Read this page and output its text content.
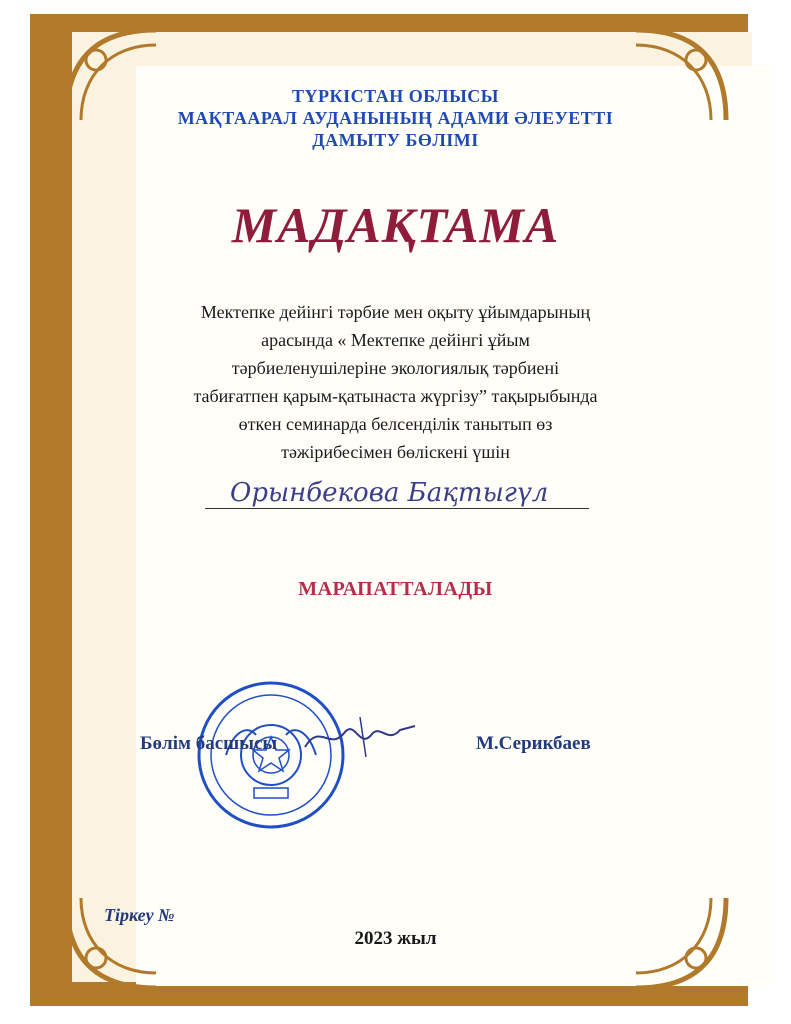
ТҮРКІСТАН ОБЛЫСЫ
МАҚТААРАЛ АУДАНЫНЫҢ АДАМИ ӘЛЕУЕТТІ
ДАМЫТУ БӨЛІМІ
МАДАҚТАМА
Мектепке дейінгі тәрбие мен оқыту ұйымдарының
арасында « Мектепке дейінгі ұйым
тәрбиеленушілеріне экологиялық тәрбиені
табиғатпен қарым-қатынаста жүргізу” тақырыбында
өткен семинарда белсенділік танытып өз
тәжірибесімен бөліскені үшін
Орынбекова Бақтыгүл
МАРАПАТТАЛАДЫ
Бөлім басшысы	М.Серикбаев
Тіркеу №
2023 жыл
